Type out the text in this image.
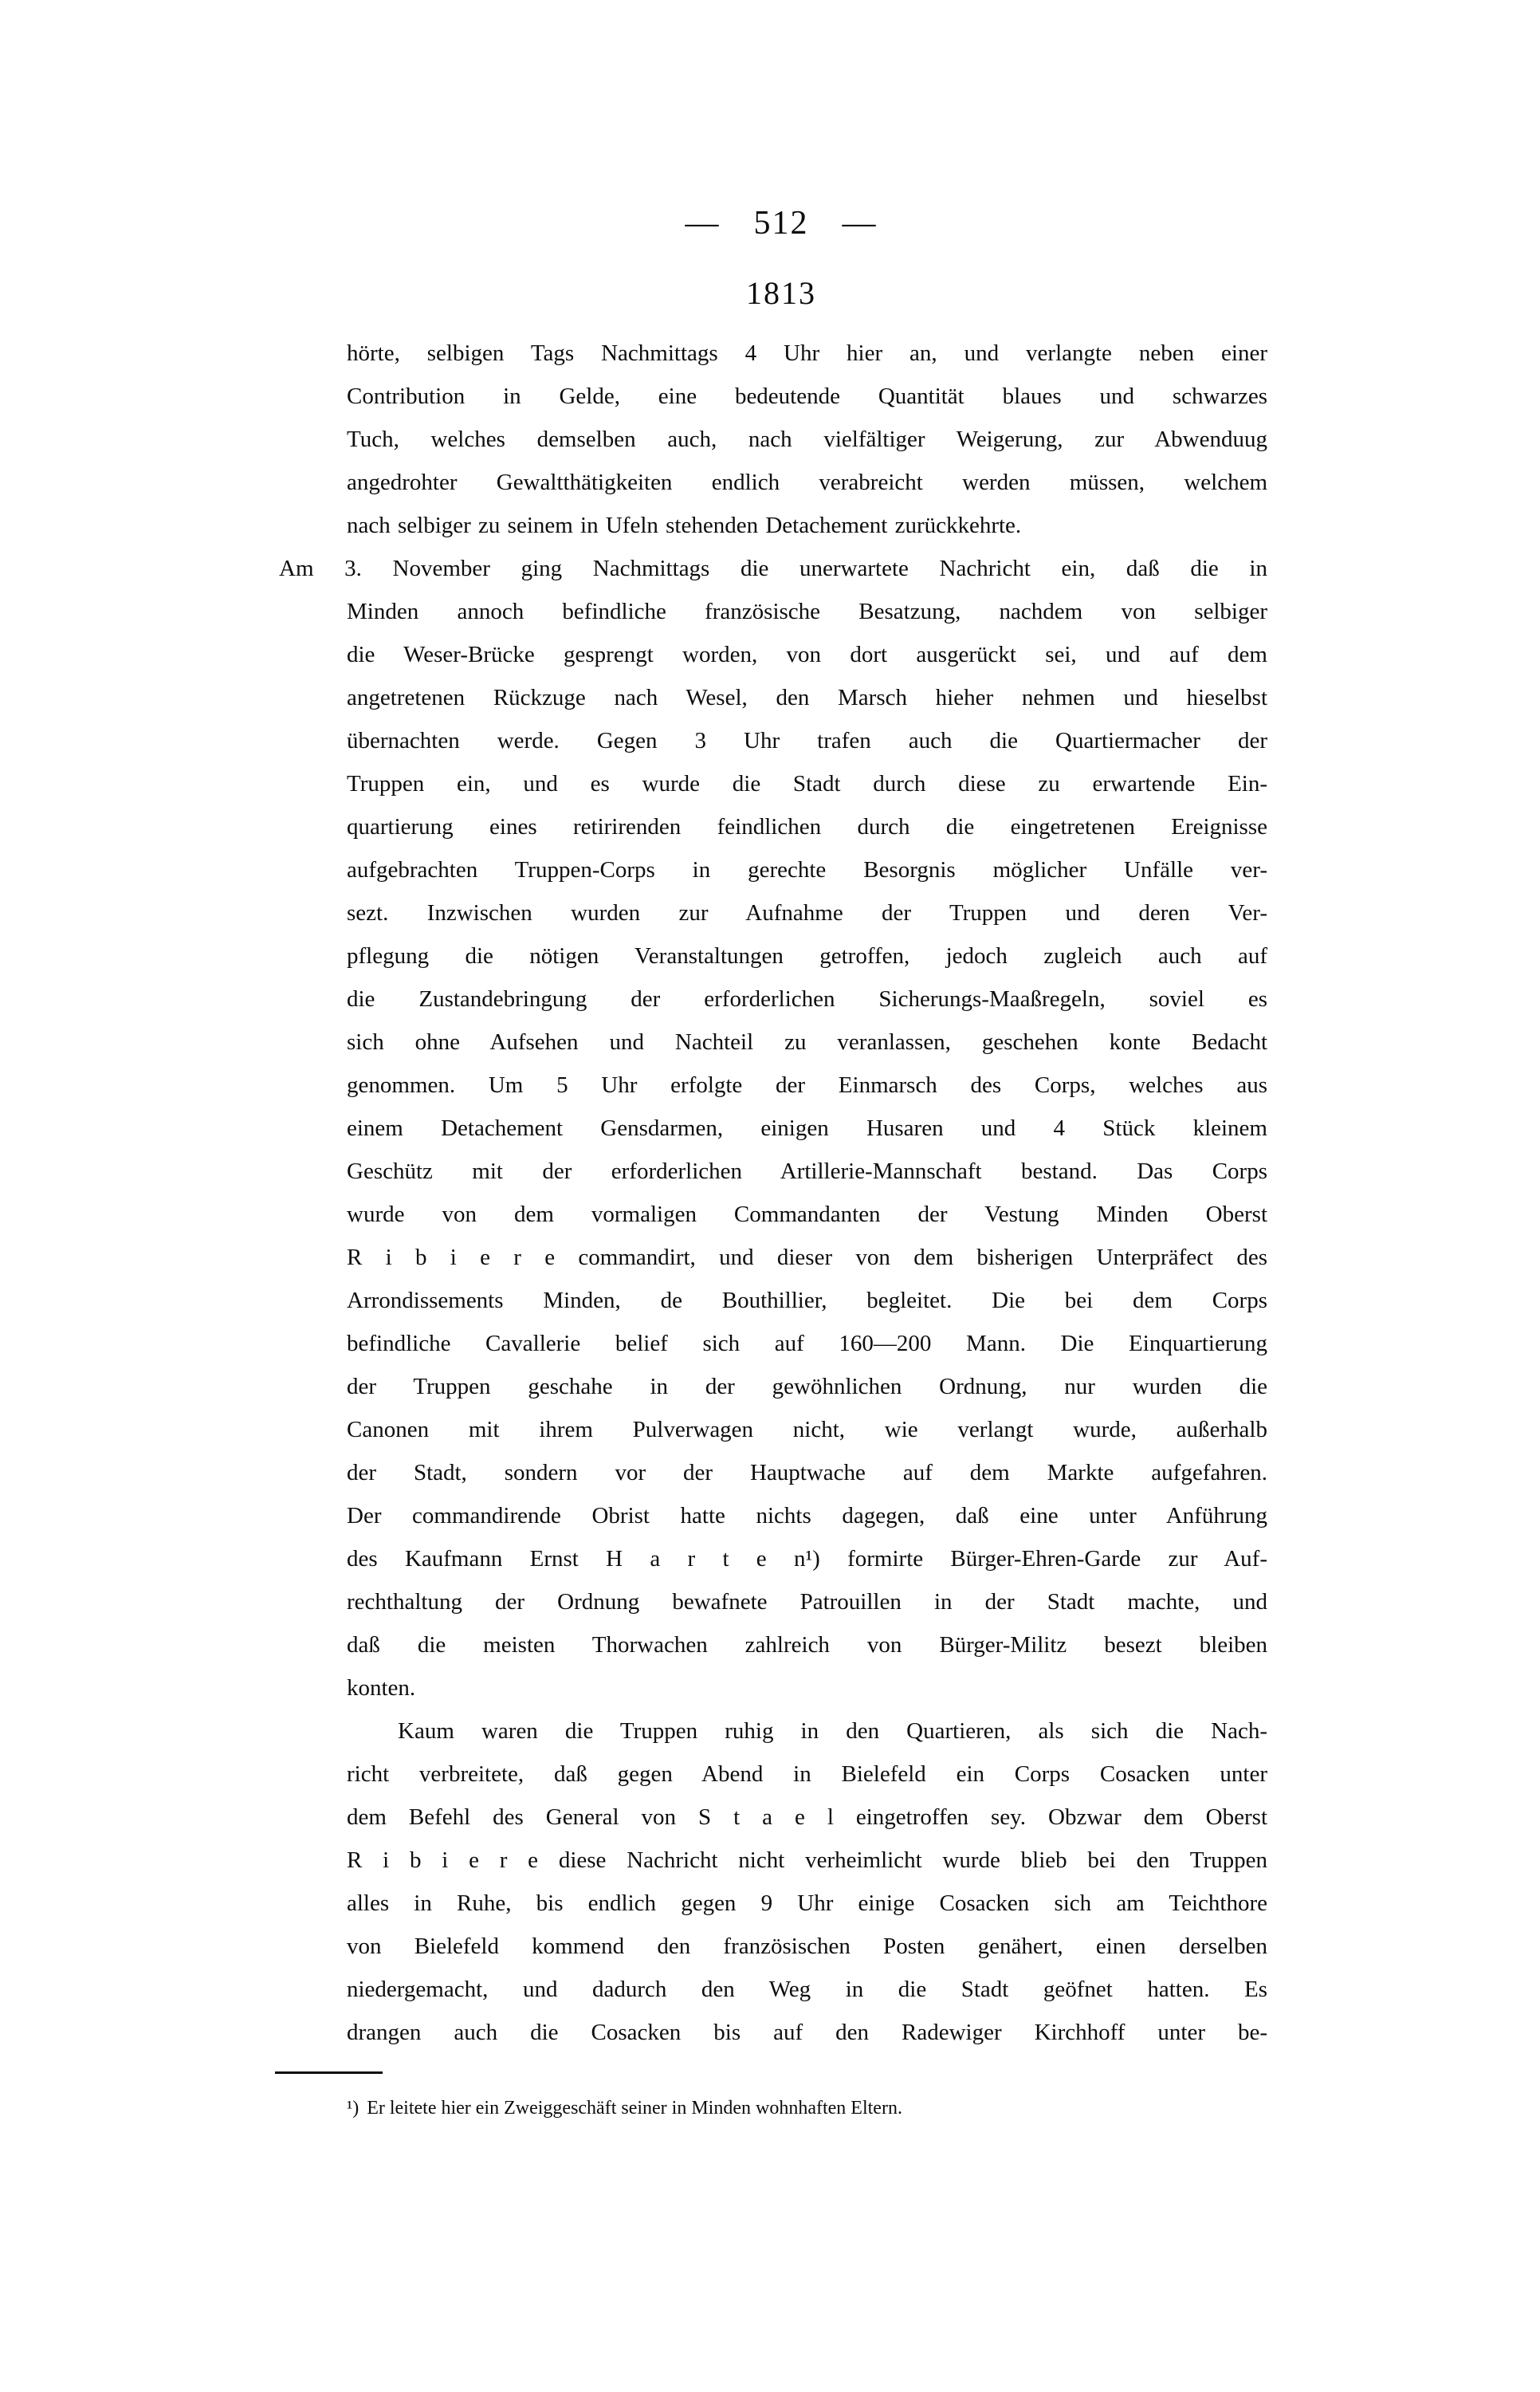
— 512 —
1813
hörte, selbigen Tags Nachmittags 4 Uhr hier an, und verlangte neben einer
Contribution in Gelde, eine bedeutende Quantität blaues und schwarzes
Tuch, welches demselben auch, nach vielfältiger Weigerung, zur Abwenduug
angedrohter Gewaltthätigkeiten endlich verabreicht werden müssen, welchem
nach selbiger zu seinem in Ufeln stehenden Detachement zurückkehrte.
Am 3. November ging Nachmittags die unerwartete Nachricht ein, daß die in
Minden annoch befindliche französische Besatzung, nachdem von selbiger
die Weser-Brücke gesprengt worden, von dort ausgerückt sei, und auf dem
angetretenen Rückzuge nach Wesel, den Marsch hieher nehmen und hieselbst
übernachten werde. Gegen 3 Uhr trafen auch die Quartiermacher der
Truppen ein, und es wurde die Stadt durch diese zu erwartende Ein-
quartierung eines retirirenden feindlichen durch die eingetretenen Ereignisse
aufgebrachten Truppen-Corps in gerechte Besorgnis möglicher Unfälle ver-
sezt. Inzwischen wurden zur Aufnahme der Truppen und deren Ver-
pflegung die nötigen Veranstaltungen getroffen, jedoch zugleich auch auf
die Zustandebringung der erforderlichen Sicherungs-Maaßregeln, soviel es
sich ohne Aufsehen und Nachteil zu veranlassen, geschehen konte Bedacht
genommen. Um 5 Uhr erfolgte der Einmarsch des Corps, welches aus
einem Detachement Gensdarmen, einigen Husaren und 4 Stück kleinem
Geschütz mit der erforderlichen Artillerie-Mannschaft bestand. Das Corps
wurde von dem vormaligen Commandanten der Vestung Minden Oberst
R i b i e r e commandirt, und dieser von dem bisherigen Unterpräfect des
Arrondissements Minden, de Bouthillier, begleitet. Die bei dem Corps
befindliche Cavallerie belief sich auf 160—200 Mann. Die Einquartierung
der Truppen geschahe in der gewöhnlichen Ordnung, nur wurden die
Canonen mit ihrem Pulverwagen nicht, wie verlangt wurde, außerhalb
der Stadt, sondern vor der Hauptwache auf dem Markte aufgefahren.
Der commandirende Obrist hatte nichts dagegen, daß eine unter Anführung
des Kaufmann Ernst H a r t e n¹) formirte Bürger-Ehren-Garde zur Auf-
rechthaltung der Ordnung bewafnete Patrouillen in der Stadt machte, und
daß die meisten Thorwachen zahlreich von Bürger-Militz besezt bleiben
konten.
Kaum waren die Truppen ruhig in den Quartieren, als sich die Nach-
richt verbreitete, daß gegen Abend in Bielefeld ein Corps Cosacken unter
dem Befehl des General von S t a e l eingetroffen sey. Obzwar dem Oberst
R i b i e r e diese Nachricht nicht verheimlicht wurde blieb bei den Truppen
alles in Ruhe, bis endlich gegen 9 Uhr einige Cosacken sich am Teichthore
von Bielefeld kommend den französischen Posten genähert, einen derselben
niedergemacht, und dadurch den Weg in die Stadt geöfnet hatten. Es
drangen auch die Cosacken bis auf den Radewiger Kirchhoff unter be-
¹) Er leitete hier ein Zweiggeschäft seiner in Minden wohnhaften Eltern.
